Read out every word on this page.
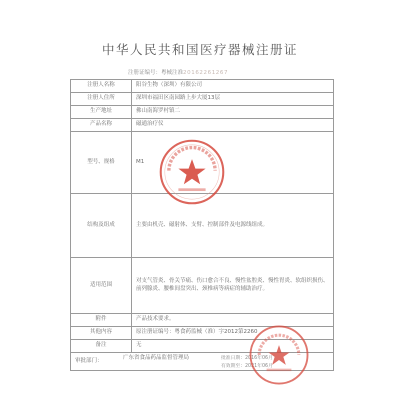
中华人民共和国医疗器械注册证
注册证编号：粤械注准20162261267
注册人名称	阳谷生物（深圳）有限公司
注册人住所	深圳市福田区南园路上步大厦13层
生产地址	佛山南海罗村镇二
产品名称	磁通治疗仪
型号、规格	M1
结构及组成	主要由机壳、磁射体、支臂、控制部件及电源线组成。
适用范围	对支气管炎、骨关节痛、伤口愈合不良、慢性盆腔炎、慢性胃炎、软组织损伤、前列腺炎、腰椎间盘突出、颈椎病等病症的辅助治疗。
附件	产品技术要求。
其他内容	原注册证编号：粤食药监械（准）字2012第2260
备注	无
审批部门： 广东省食品药品监督管理局 批准日期：2016年06月
有效期至：2021年06月	
